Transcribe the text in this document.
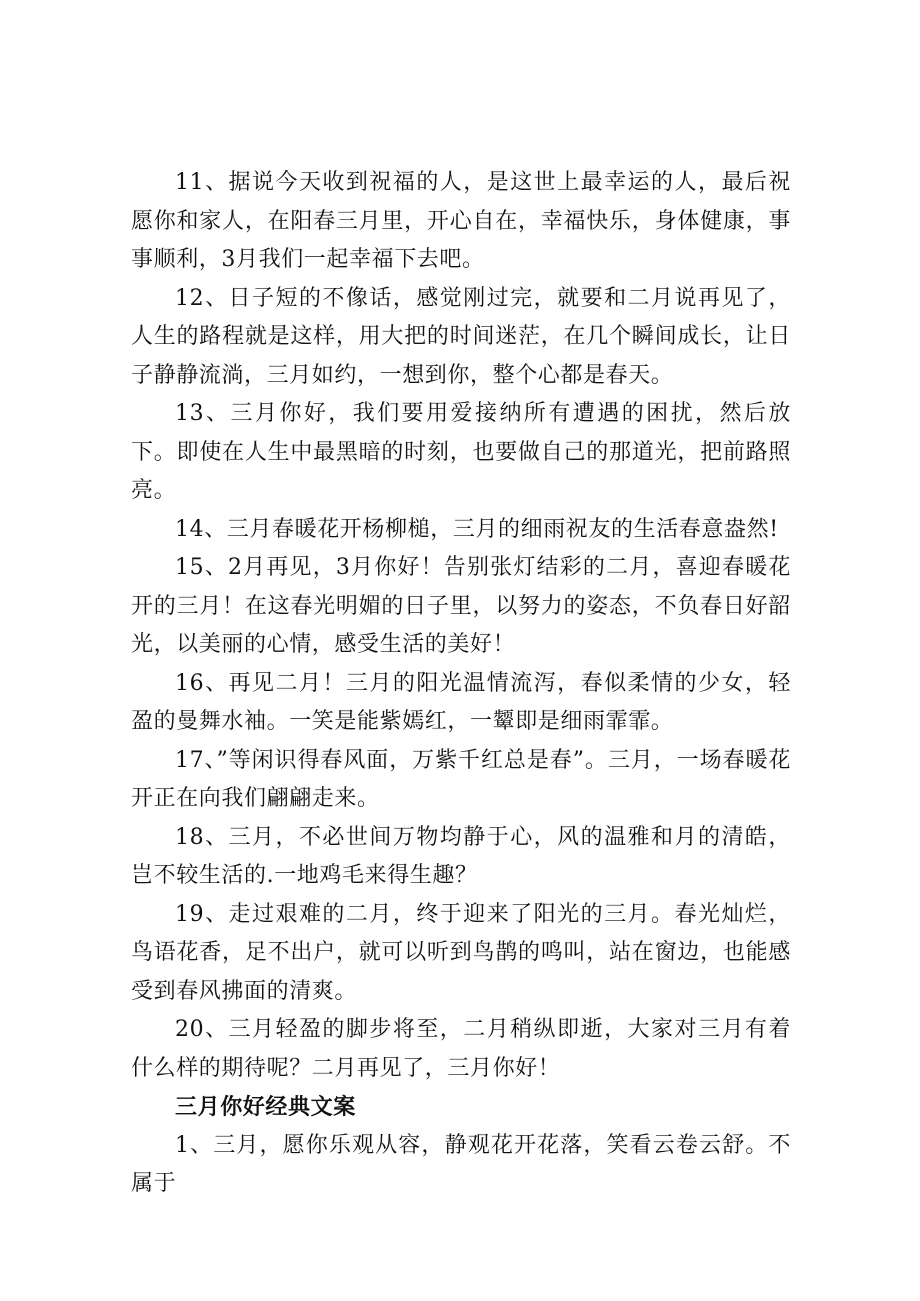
11、据说今天收到祝福的人，是这世上最幸运的人，最后祝愿你和家人，在阳春三月里，开心自在，幸福快乐，身体健康，事事顺利，3月我们一起幸福下去吧。

12、日子短的不像话，感觉刚过完，就要和二月说再见了，人生的路程就是这样，用大把的时间迷茫，在几个瞬间成长，让日子静静流淌，三月如约，一想到你，整个心都是春天。

13、三月你好，我们要用爱接纳所有遭遇的困扰，然后放下。即使在人生中最黑暗的时刻，也要做自己的那道光，把前路照亮。

14、三月春暖花开杨柳槌，三月的细雨祝友的生活春意盎然!

15、2月再见，3月你好！告别张灯结彩的二月，喜迎春暖花开的三月！在这春光明媚的日子里，以努力的姿态，不负春日好韶光，以美丽的心情，感受生活的美好！

16、再见二月！三月的阳光温情流泻，春似柔情的少女，轻盈的曼舞水袖。一笑是能紫嫣红，一颦即是细雨霏霏。

17、”等闲识得春风面，万紫千红总是春”。三月，一场春暖花开正在向我们翩翩走来。

18、三月，不必世间万物均静于心，风的温雅和月的清皓，岂不较生活的.一地鸡毛来得生趣？

19、走过艰难的二月，终于迎来了阳光的三月。春光灿烂，鸟语花香，足不出户，就可以听到鸟鹊的鸣叫，站在窗边，也能感受到春风拂面的清爽。

20、三月轻盈的脚步将至，二月稍纵即逝，大家对三月有着什么样的期待呢？二月再见了，三月你好！

三月你好经典文案

1、三月，愿你乐观从容，静观花开花落，笑看云卷云舒。不属于
